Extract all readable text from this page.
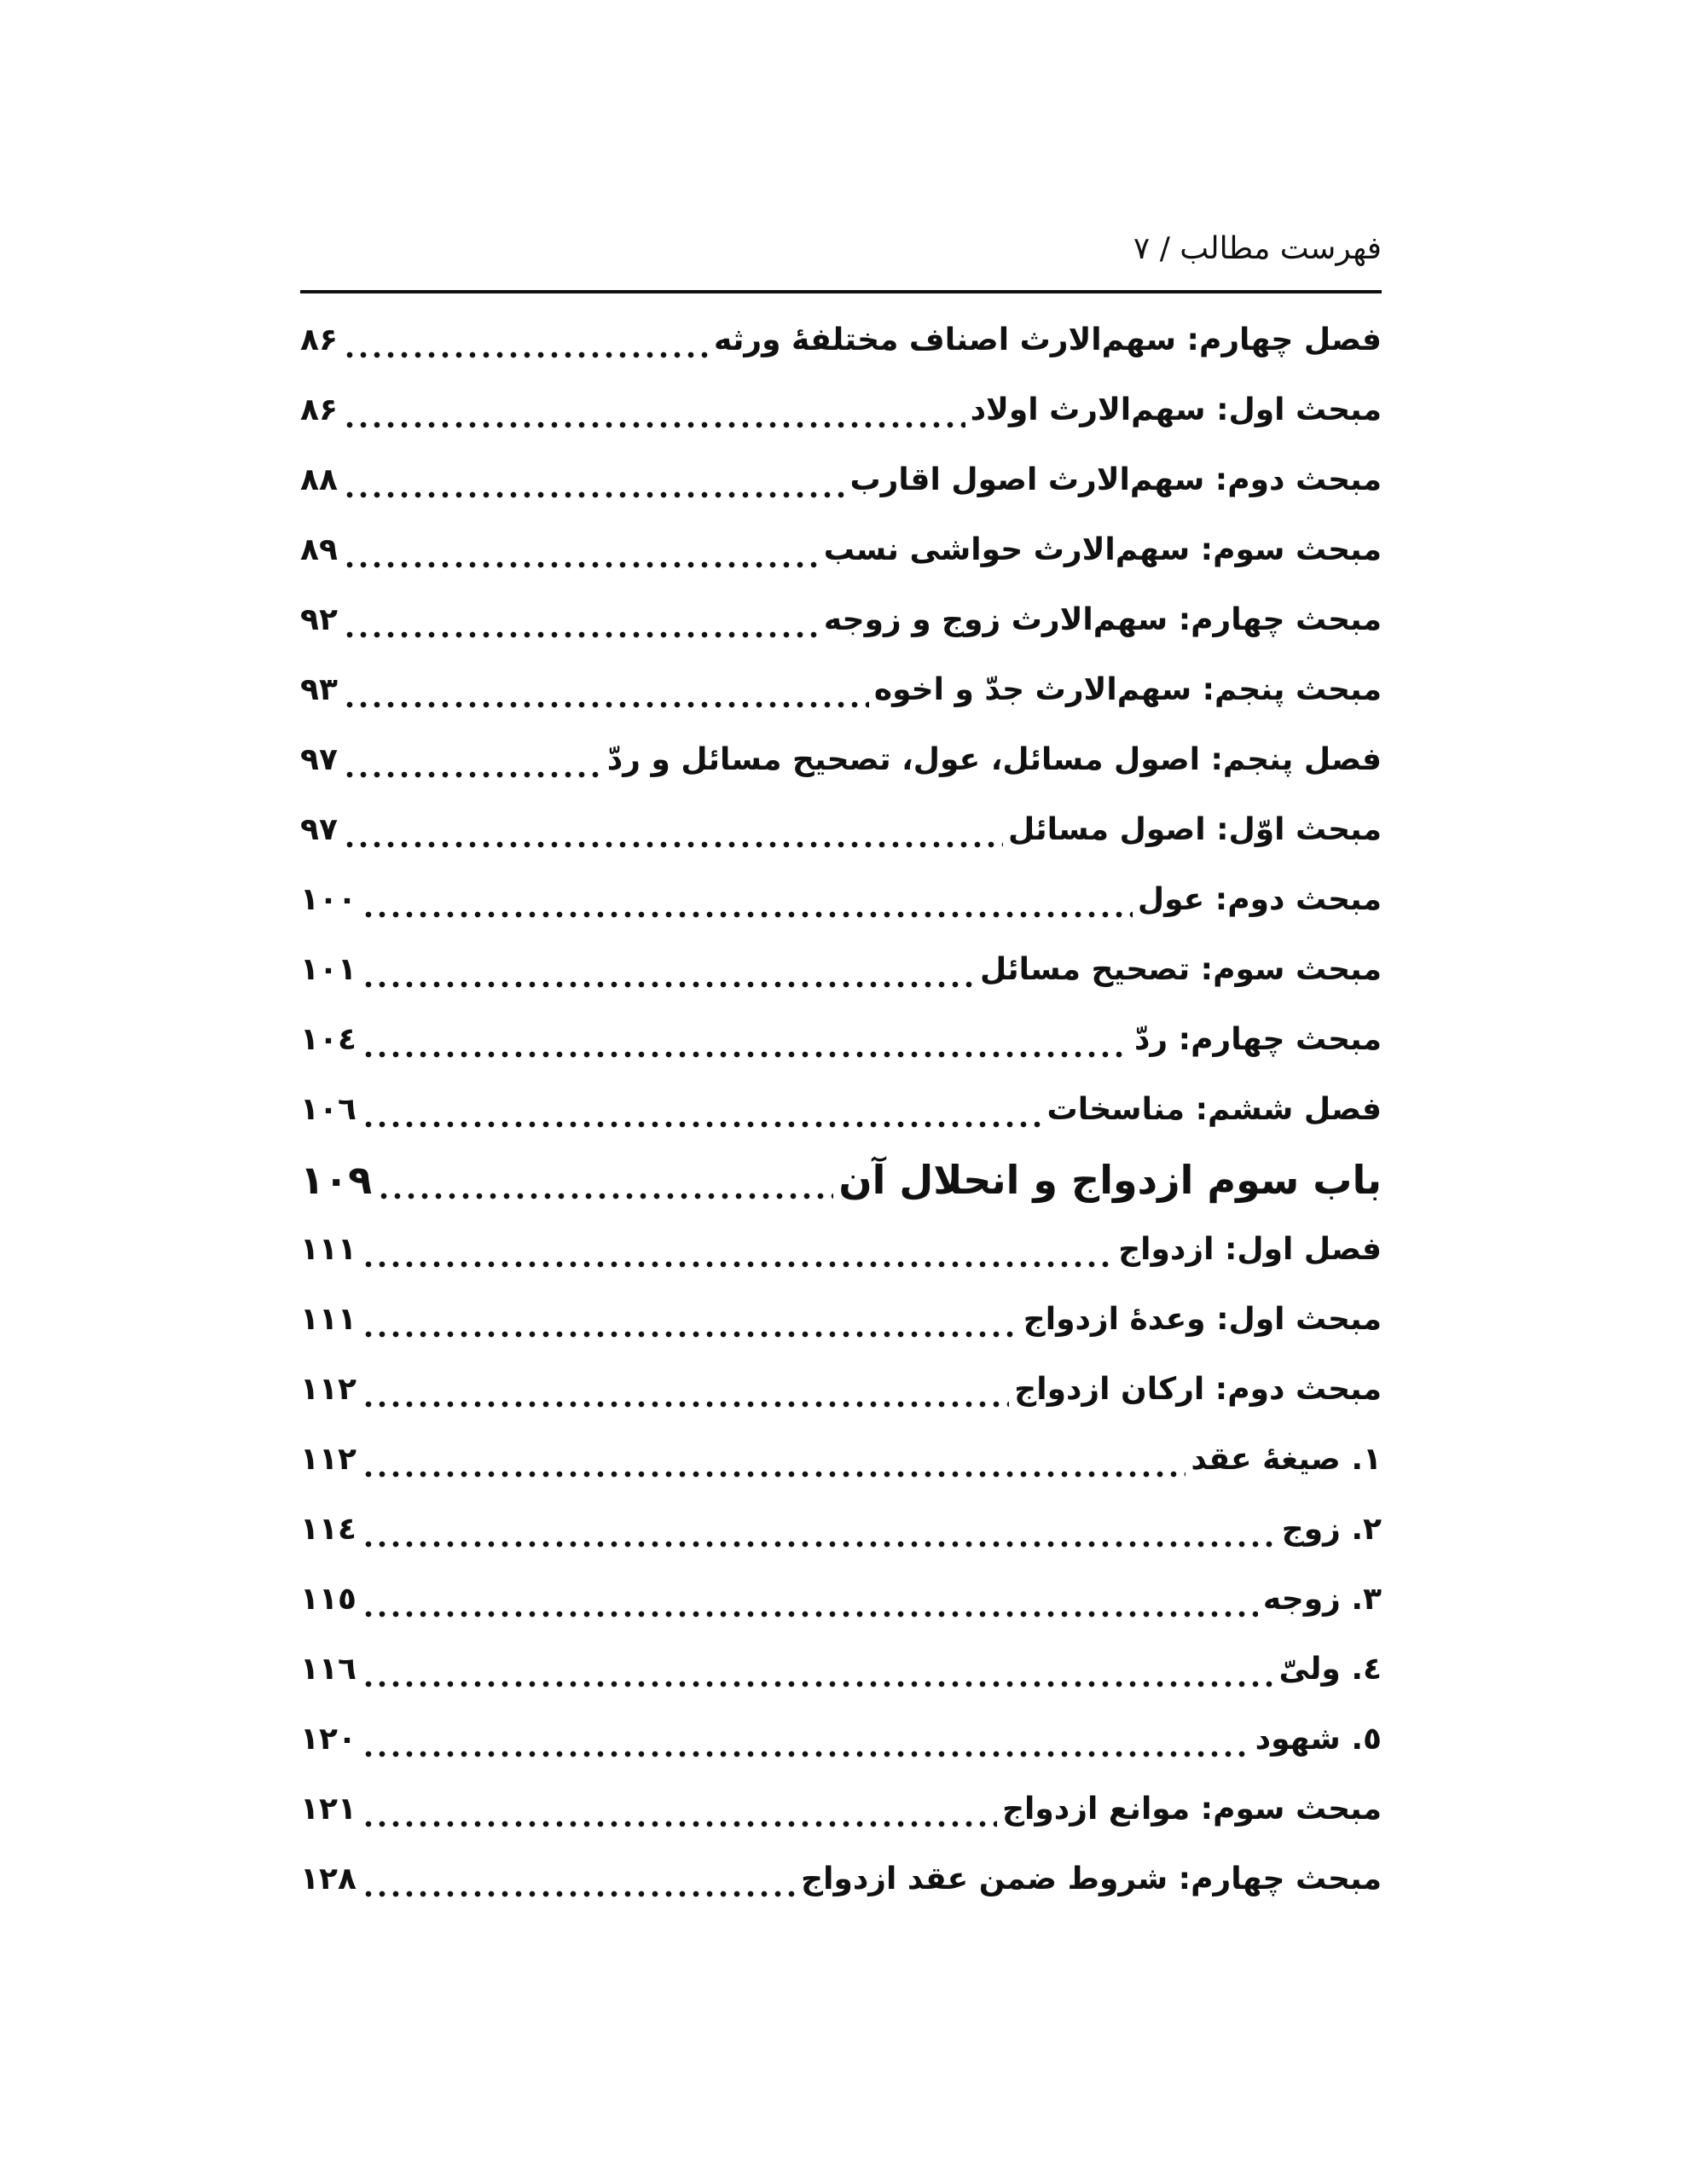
فهرست مطالب / ۷
فصل چهارم: سهم‌الارث اصناف مختلفهٔ ورثه
۸۶
مبحث اول: سهم‌الارث اولاد
۸۶
مبحث دوم: سهم‌الارث اصول اقارب
۸۸
مبحث سوم: سهم‌الارث حواشی نسب
۸۹
مبحث چهارم: سهم‌الارث زوج و زوجه
۹۲
مبحث پنجم: سهم‌الارث جدّ و اخوه
۹۳
فصل پنجم: اصول مسائل، عول، تصحیح مسائل و ردّ
۹۷
مبحث اوّل: اصول مسائل
۹۷
مبحث دوم: عول
۱۰۰
مبحث سوم: تصحیح مسائل
۱۰۱
مبحث چهارم: ردّ
۱۰٤
فصل ششم: مناسخات
۱۰٦
باب سوم ازدواج و انحلال آن
۱۰۹
فصل اول: ازدواج
۱۱۱
مبحث اول: وعدهٔ ازدواج
۱۱۱
مبحث دوم: ارکان ازدواج
۱۱۲
۱. صیغهٔ عقد
۱۱۲
۲. زوج
۱۱٤
۳. زوجه
۱۱٥
٤. ولیّ
۱۱٦
٥. شهود
۱۲۰
مبحث سوم: موانع ازدواج
۱۲۱
مبحث چهارم: شروط ضمن عقد ازدواج
۱۲۸
